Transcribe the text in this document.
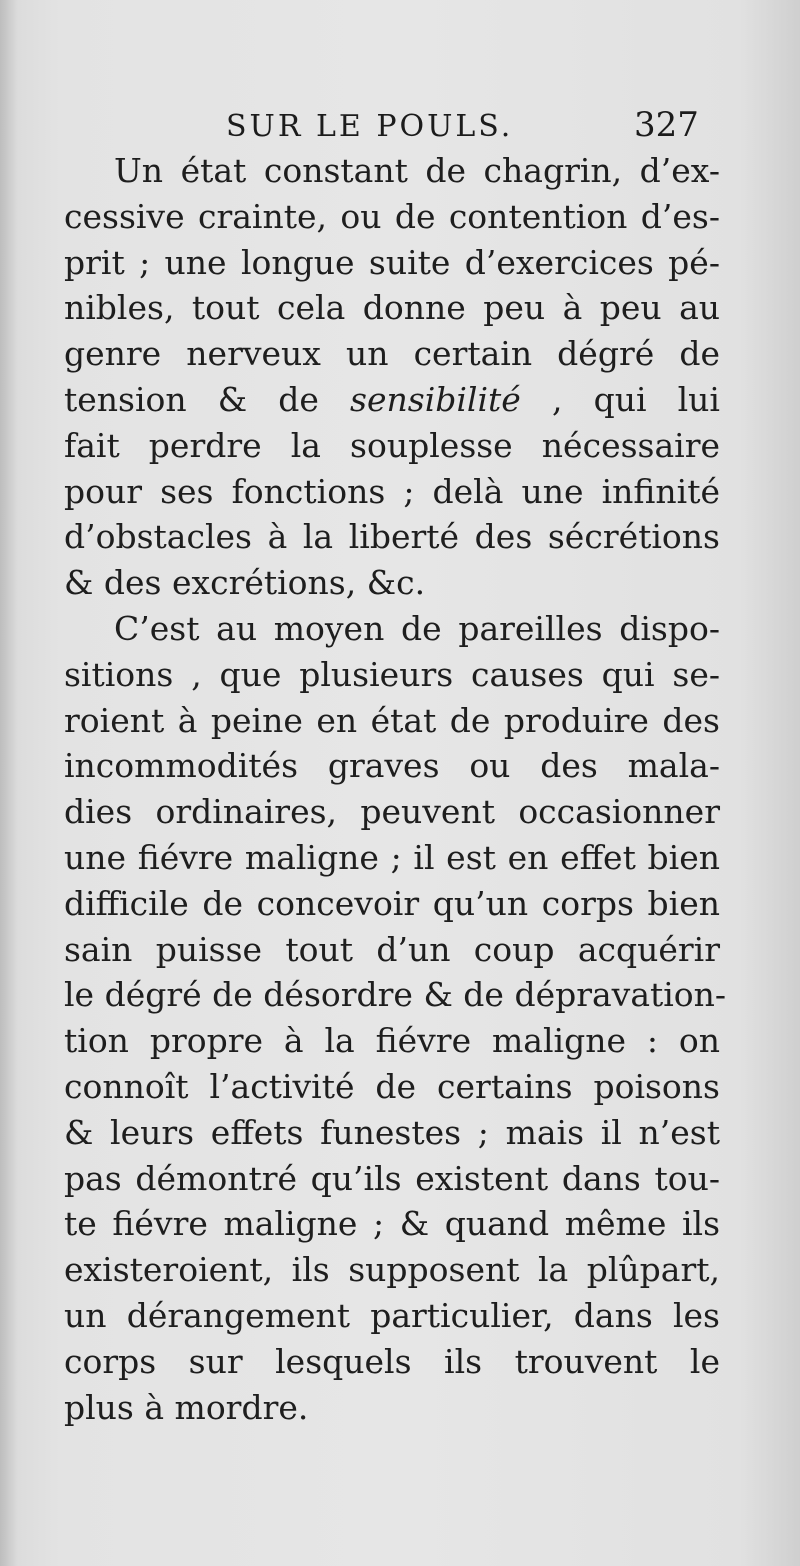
SUR LE POULS.	327
Un état constant de chagrin, d’ex-
cessive crainte, ou de contention d’es-
prit ; une longue suite d’exercices pé-
nibles, tout cela donne peu à peu au
genre nerveux un certain dégré de
tension & de sensibilité , qui lui
fait perdre la souplesse nécessaire
pour ses fonctions ; delà une infinité
d’obstacles à la liberté des sécrétions
& des excrétions, &c.
C’est au moyen de pareilles dispo-
sitions , que plusieurs causes qui se-
roient à peine en état de produire des
incommodités graves ou des mala-
dies ordinaires, peuvent occasionner
une fiévre maligne ; il est en effet bien
difficile de concevoir qu’un corps bien
sain puisse tout d’un coup acquérir
le dégré de désordre & de dépravation-
tion propre à la fiévre maligne : on
connoît l’activité de certains poisons
& leurs effets funestes ; mais il n’est
pas démontré qu’ils existent dans tou-
te fiévre maligne ; & quand même ils
existeroient, ils supposent la plûpart,
un dérangement particulier, dans les
corps sur lesquels ils trouvent le
plus à mordre.
